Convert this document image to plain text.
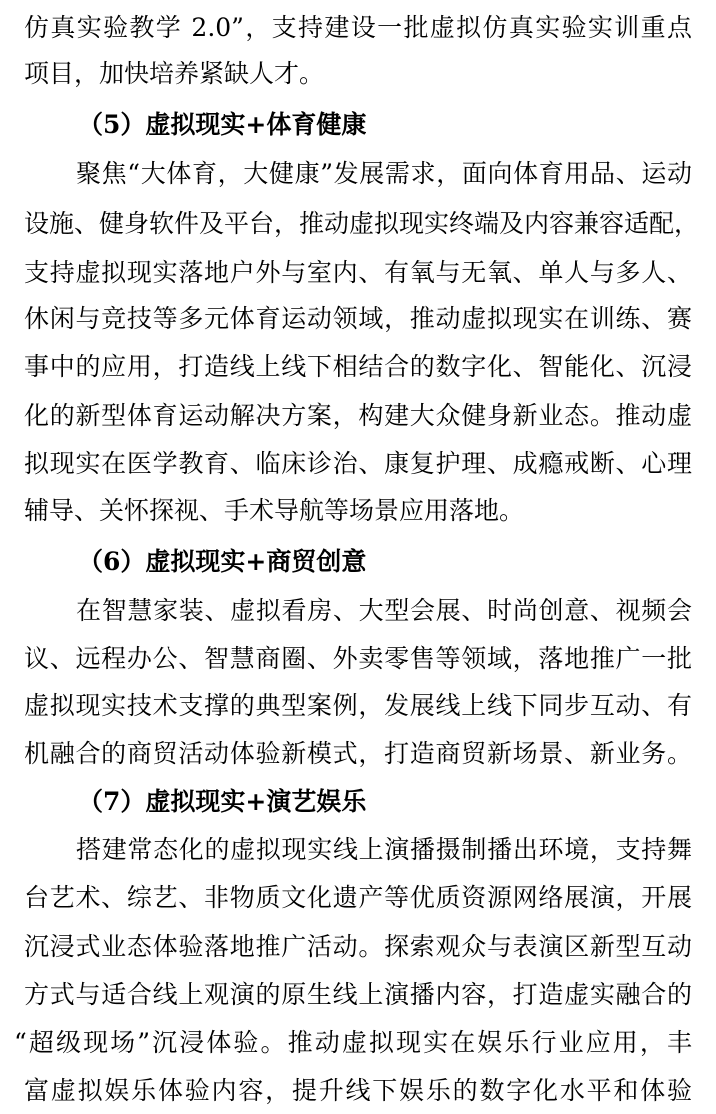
仿真实验教学 2.0”，支持建设一批虚拟仿真实验实训重点
项目，加快培养紧缺人才。
（5）虚拟现实+体育健康
聚焦“大体育，大健康”发展需求，面向体育用品、运动
设施、健身软件及平台，推动虚拟现实终端及内容兼容适配，
支持虚拟现实落地户外与室内、有氧与无氧、单人与多人、
休闲与竞技等多元体育运动领域，推动虚拟现实在训练、赛
事中的应用，打造线上线下相结合的数字化、智能化、沉浸
化的新型体育运动解决方案，构建大众健身新业态。推动虚
拟现实在医学教育、临床诊治、康复护理、成瘾戒断、心理
辅导、关怀探视、手术导航等场景应用落地。
（6）虚拟现实+商贸创意
在智慧家装、虚拟看房、大型会展、时尚创意、视频会
议、远程办公、智慧商圈、外卖零售等领域，落地推广一批
虚拟现实技术支撑的典型案例，发展线上线下同步互动、有
机融合的商贸活动体验新模式，打造商贸新场景、新业务。
（7）虚拟现实+演艺娱乐
搭建常态化的虚拟现实线上演播摄制播出环境，支持舞
台艺术、综艺、非物质文化遗产等优质资源网络展演，开展
沉浸式业态体验落地推广活动。探索观众与表演区新型互动
方式与适合线上观演的原生线上演播内容，打造虚实融合的
“超级现场”沉浸体验。推动虚拟现实在娱乐行业应用，丰
富虚拟娱乐体验内容，提升线下娱乐的数字化水平和体验
